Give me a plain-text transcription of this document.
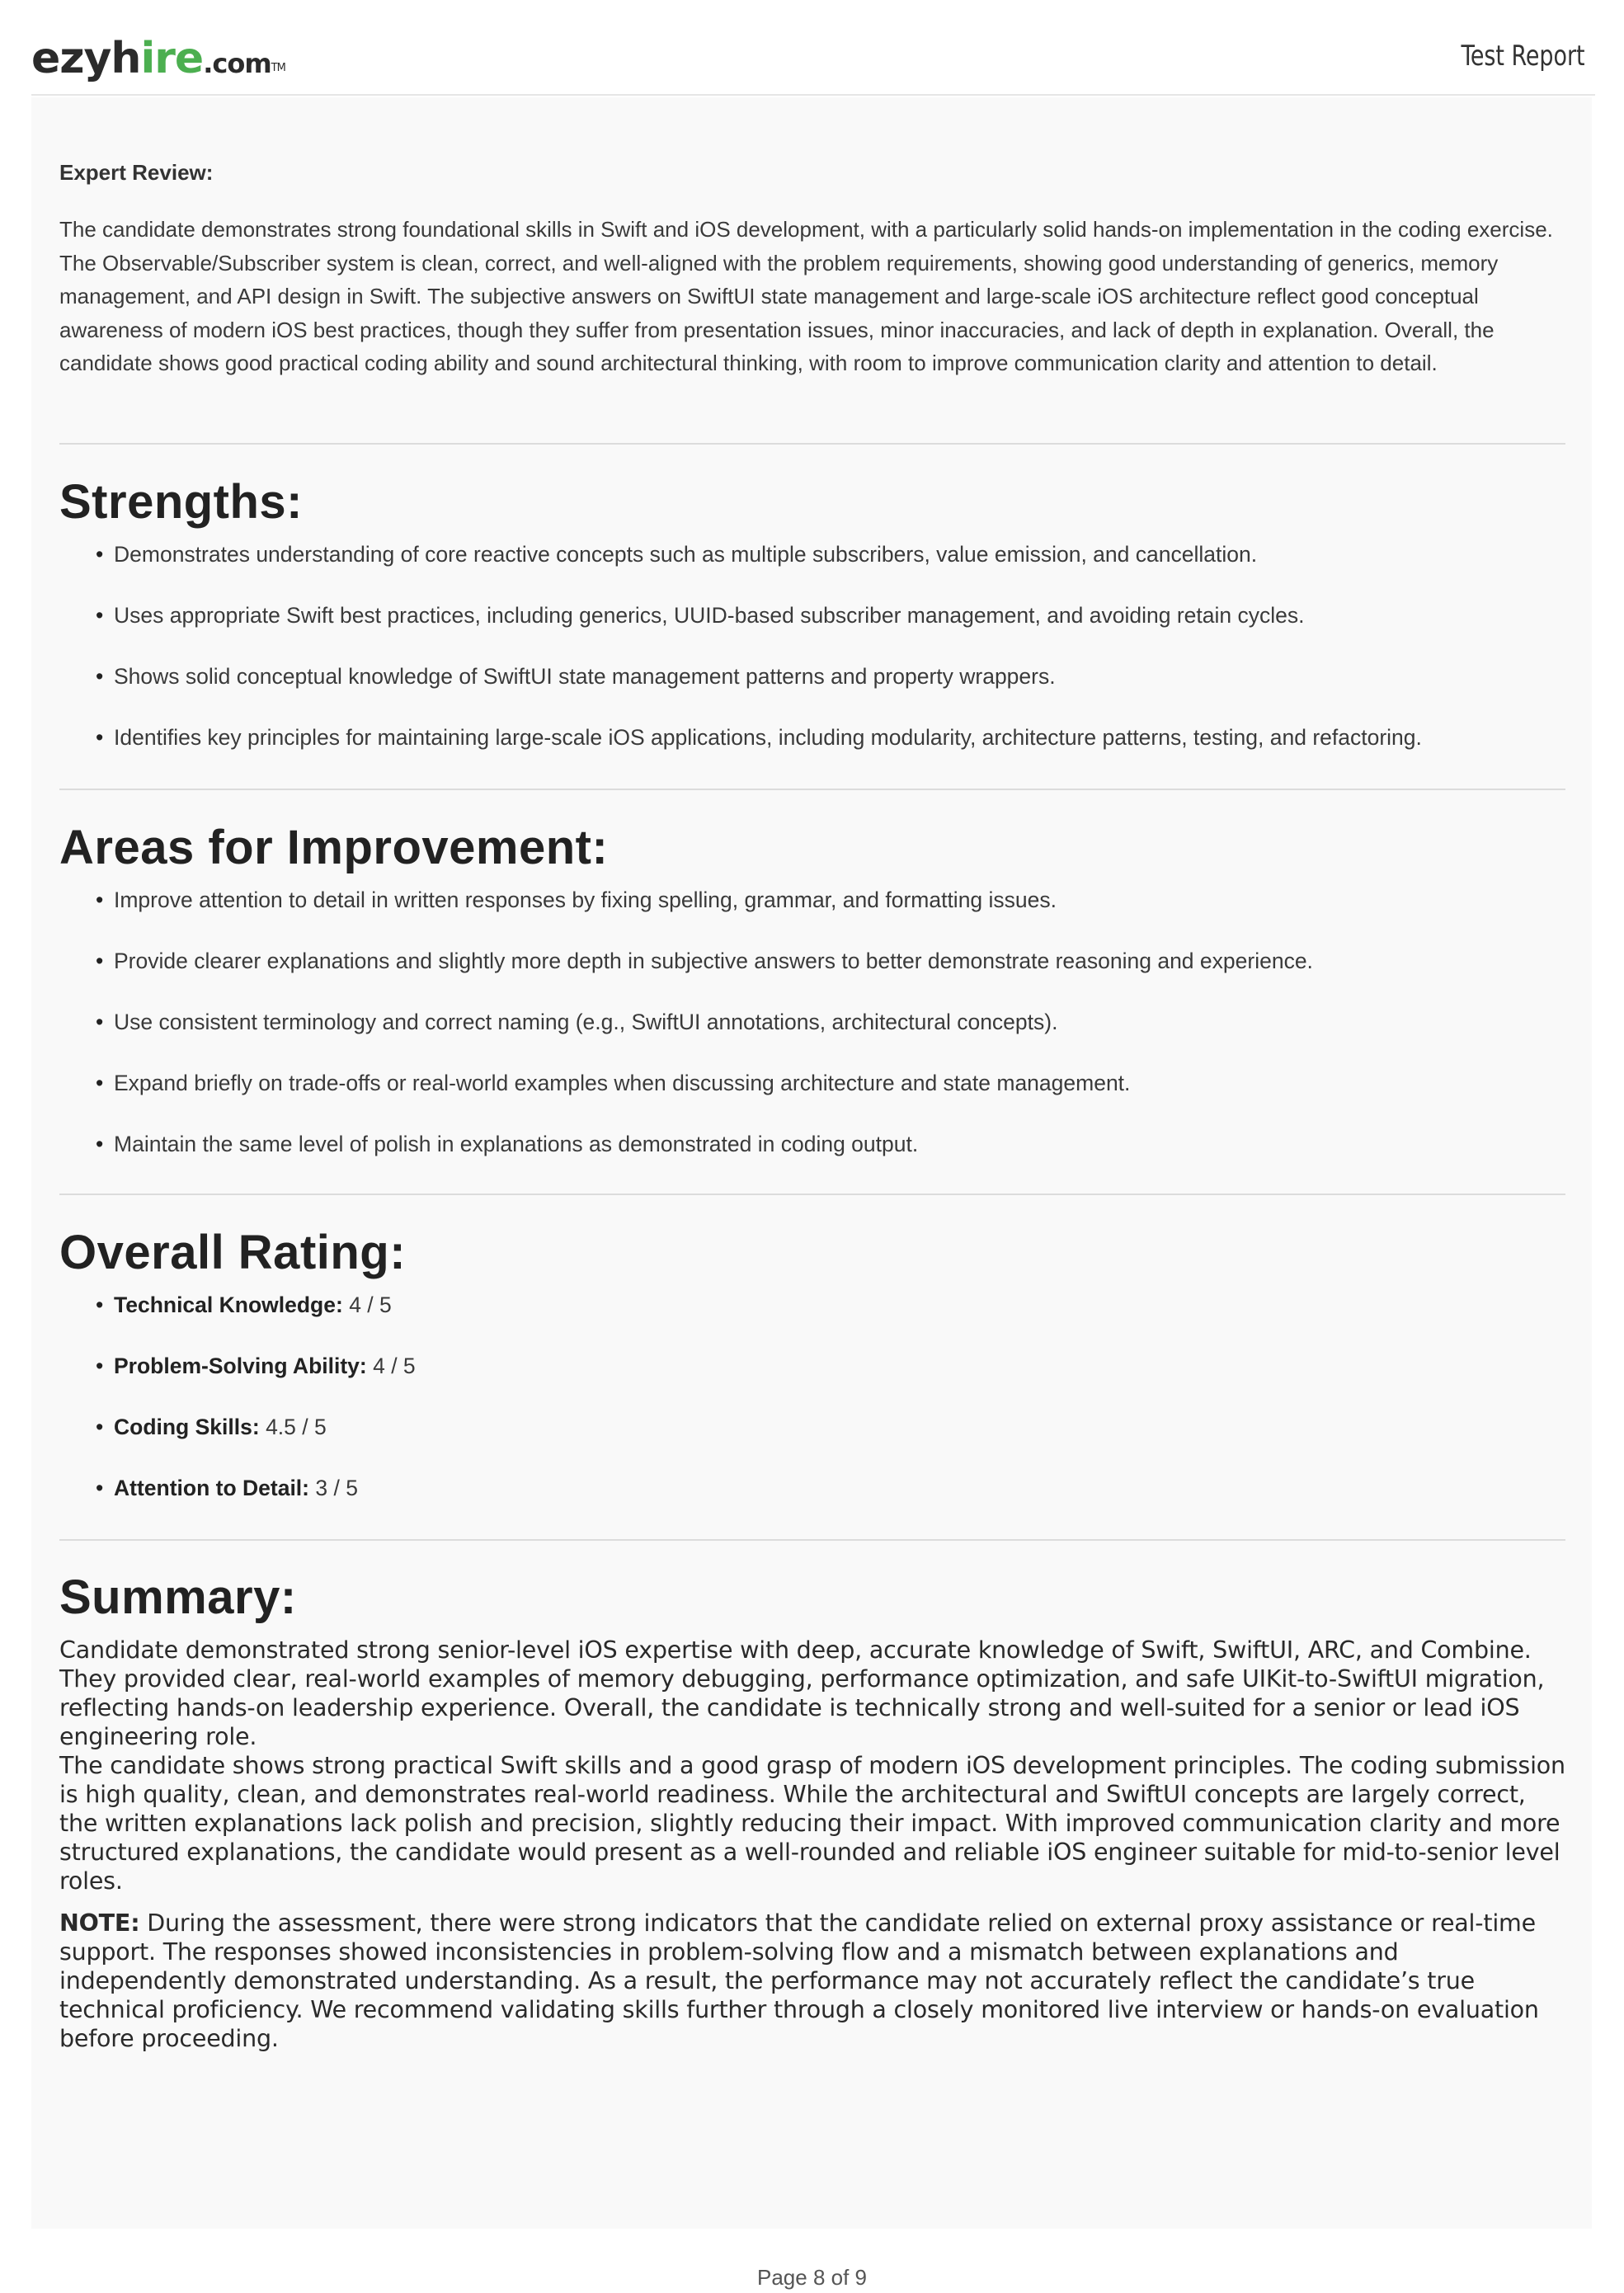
ezyhire.com™	Test Report
Expert Review:
The candidate demonstrates strong foundational skills in Swift and iOS development, with a particularly solid hands-on implementation in the coding exercise. The Observable/Subscriber system is clean, correct, and well-aligned with the problem requirements, showing good understanding of generics, memory management, and API design in Swift. The subjective answers on SwiftUI state management and large-scale iOS architecture reflect good conceptual awareness of modern iOS best practices, though they suffer from presentation issues, minor inaccuracies, and lack of depth in explanation. Overall, the candidate shows good practical coding ability and sound architectural thinking, with room to improve communication clarity and attention to detail.
Strengths:
• Demonstrates understanding of core reactive concepts such as multiple subscribers, value emission, and cancellation.
• Uses appropriate Swift best practices, including generics, UUID-based subscriber management, and avoiding retain cycles.
• Shows solid conceptual knowledge of SwiftUI state management patterns and property wrappers.
• Identifies key principles for maintaining large-scale iOS applications, including modularity, architecture patterns, testing, and refactoring.
Areas for Improvement:
• Improve attention to detail in written responses by fixing spelling, grammar, and formatting issues.
• Provide clearer explanations and slightly more depth in subjective answers to better demonstrate reasoning and experience.
• Use consistent terminology and correct naming (e.g., SwiftUI annotations, architectural concepts).
• Expand briefly on trade-offs or real-world examples when discussing architecture and state management.
• Maintain the same level of polish in explanations as demonstrated in coding output.
Overall Rating:
• Technical Knowledge: 4 / 5
• Problem-Solving Ability: 4 / 5
• Coding Skills: 4.5 / 5
• Attention to Detail: 3 / 5
Summary:

Candidate demonstrated strong senior-level iOS expertise with deep, accurate knowledge of Swift, SwiftUI, ARC, and Combine. They provided clear, real-world examples of memory debugging, performance optimization, and safe UIKit-to-SwiftUI migration, reflecting hands-on leadership experience. Overall, the candidate is technically strong and well-suited for a senior or lead iOS engineering role.

The candidate shows strong practical Swift skills and a good grasp of modern iOS development principles. The coding submission is high quality, clean, and demonstrates real-world readiness. While the architectural and SwiftUI concepts are largely correct, the written explanations lack polish and precision, slightly reducing their impact. With improved communication clarity and more structured explanations, the candidate would present as a well-rounded and reliable iOS engineer suitable for mid-to-senior level roles.

NOTE: During the assessment, there were strong indicators that the candidate relied on external proxy assistance or real-time support. The responses showed inconsistencies in problem-solving flow and a mismatch between explanations and independently demonstrated understanding. As a result, the performance may not accurately reflect the candidate’s true technical proficiency. We recommend validating skills further through a closely monitored live interview or hands-on evaluation before proceeding.

Page 8 of 9
